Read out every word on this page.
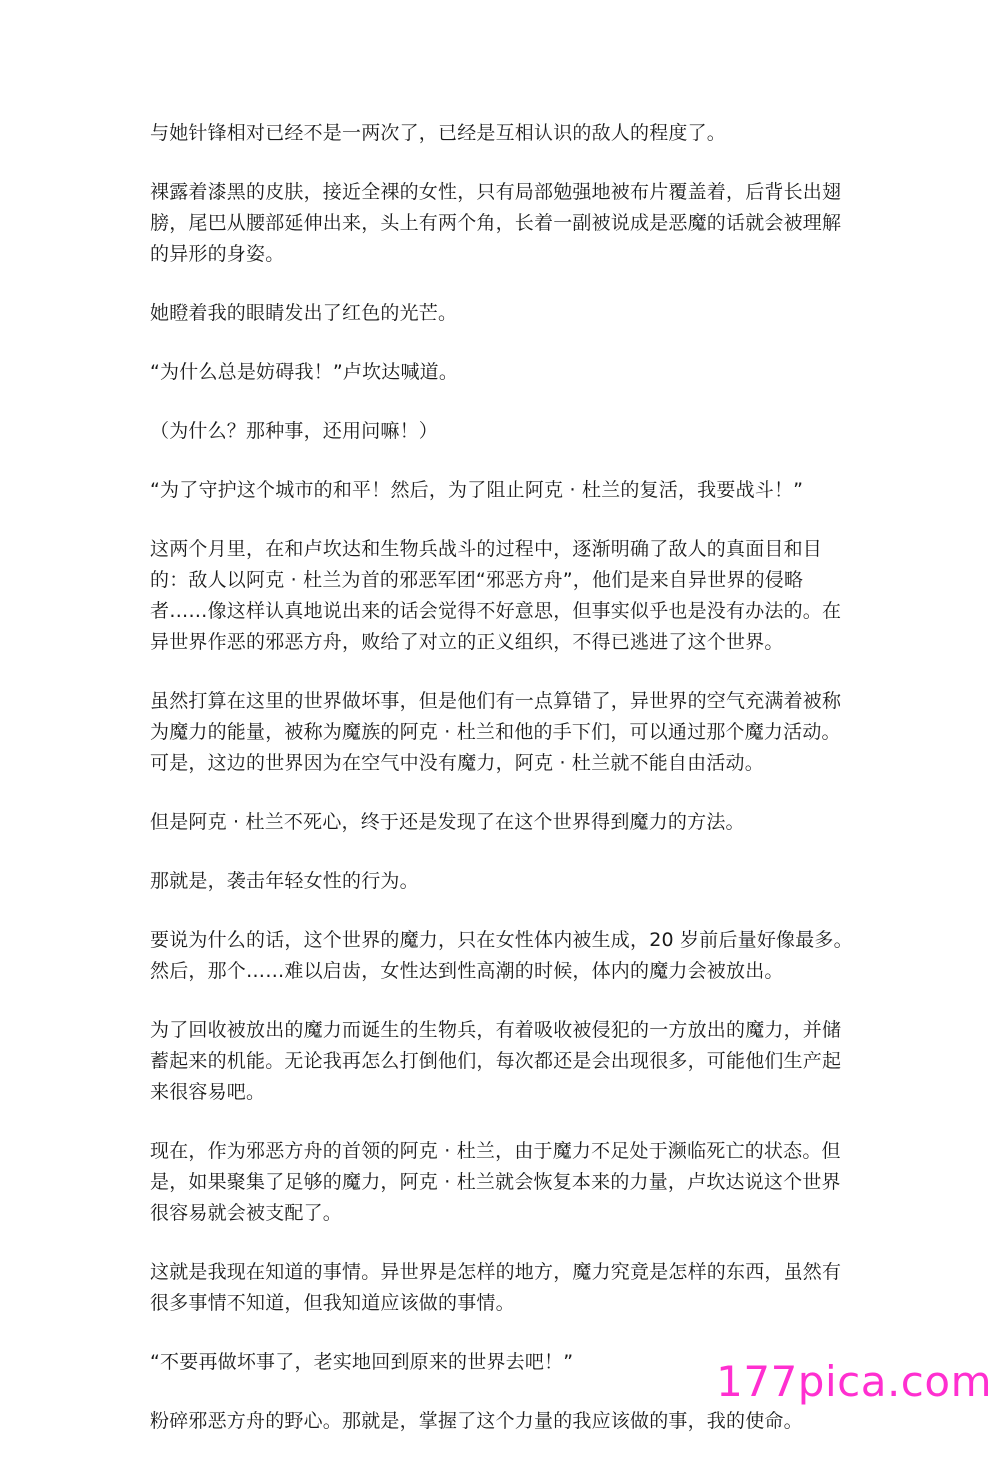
与她针锋相对已经不是一两次了，已经是互相认识的敌人的程度了。

裸露着漆黑的皮肤，接近全裸的女性，只有局部勉强地被布片覆盖着，后背长出翅膀，尾巴从腰部延伸出来，头上有两个角，长着一副被说成是恶魔的话就会被理解的异形的身姿。

她瞪着我的眼睛发出了红色的光芒。

“为什么总是妨碍我！”卢坎达喊道。

（为什么？那种事，还用问嘛！）

“为了守护这个城市的和平！然后，为了阻止阿克 · 杜兰的复活，我要战斗！”

这两个月里，在和卢坎达和生物兵战斗的过程中，逐渐明确了敌人的真面目和目的：敌人以阿克 · 杜兰为首的邪恶军团“邪恶方舟”，他们是来自异世界的侵略者……像这样认真地说出来的话会觉得不好意思，但事实似乎也是没有办法的。在异世界作恶的邪恶方舟，败给了对立的正义组织，不得已逃进了这个世界。

虽然打算在这里的世界做坏事，但是他们有一点算错了，异世界的空气充满着被称为魔力的能量，被称为魔族的阿克 · 杜兰和他的手下们，可以通过那个魔力活动。可是，这边的世界因为在空气中没有魔力，阿克 · 杜兰就不能自由活动。

但是阿克 · 杜兰不死心，终于还是发现了在这个世界得到魔力的方法。

那就是，袭击年轻女性的行为。

要说为什么的话，这个世界的魔力，只在女性体内被生成，20 岁前后量好像最多。然后，那个……难以启齿，女性达到性高潮的时候，体内的魔力会被放出。

为了回收被放出的魔力而诞生的生物兵，有着吸收被侵犯的一方放出的魔力，并储蓄起来的机能。无论我再怎么打倒他们，每次都还是会出现很多，可能他们生产起来很容易吧。

现在，作为邪恶方舟的首领的阿克 · 杜兰，由于魔力不足处于濒临死亡的状态。但是，如果聚集了足够的魔力，阿克 · 杜兰就会恢复本来的力量，卢坎达说这个世界很容易就会被支配了。

这就是我现在知道的事情。异世界是怎样的地方，魔力究竟是怎样的东西，虽然有很多事情不知道，但我知道应该做的事情。

“不要再做坏事了，老实地回到原来的世界去吧！”

粉碎邪恶方舟的野心。那就是，掌握了这个力量的我应该做的事，我的使命。

177pica.com
